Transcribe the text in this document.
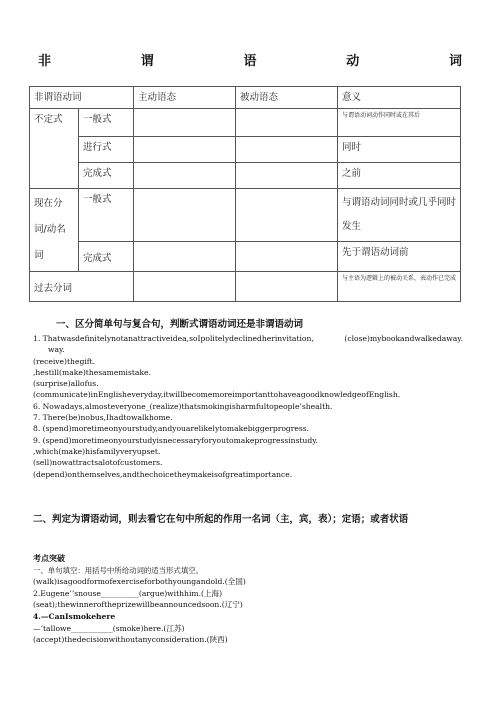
非	谓	语	动	词
非谓语动词		主动语态	被动语态	意义
不定式	一般式			与谓语动词动作同时或在其后
	进行式			同时
	完成式			之前
现在分词/动名词	一般式			与谓语动词同时或几乎同时发生
	完成式			先于谓语动词前
过去分词				与主语为逻辑上的被动关系，表动作已完成
一、区分简单句与复合句，判断式谓语动词还是非谓语动词
1. Thatwasdefinitelynotanattractiveidea,soIpolitelydeclinedherinvitation,	(close)mybookandwalkedaway.
way.
(receive)thegift.
,hestill(make)thesamemistake.
(surprise)allofus.
(communicate)inEnglisheveryday,itwillbecomemoreimportanttohaveagoodknowledgeofEnglish.
6. Nowadays,almosteveryone_(realize)thatsmokingisharmfultopeople’shealth.
7. There(be)nobus,Ihadtowalkhome.
8. (spend)moretimeonyourstudy,andyouarelikelytomakebiggerprogress.
9. (spend)moretimeonyourstudyisnecessaryforyoutomakeprogressinstudy.
,which(make)hisfamilyveryupset.
(sell)nowattractsalotofcustomers.
(depend)onthemselves,andthechoicetheymakeisofgreatimportance.
二、判定为谓语动词，则去看它在句中所起的作用一名词（主，宾，表）；定语；或者状语
考点突破
一、单句填空：用括号中所给动词的适当形式填空。
(walk)isagoodformofexerciseforbothyoungandold.(全国)
2.Eugene’’snouse__________(argue)withhim.(上海)
(seat);thewinneroftheprizewillbeannouncedsoon.(辽宁)
4.—CanIsmokehere
—’tallowe___________(smoke)here.(江苏)
(accept)thedecisionwithoutanyconsideration.(陕西)
